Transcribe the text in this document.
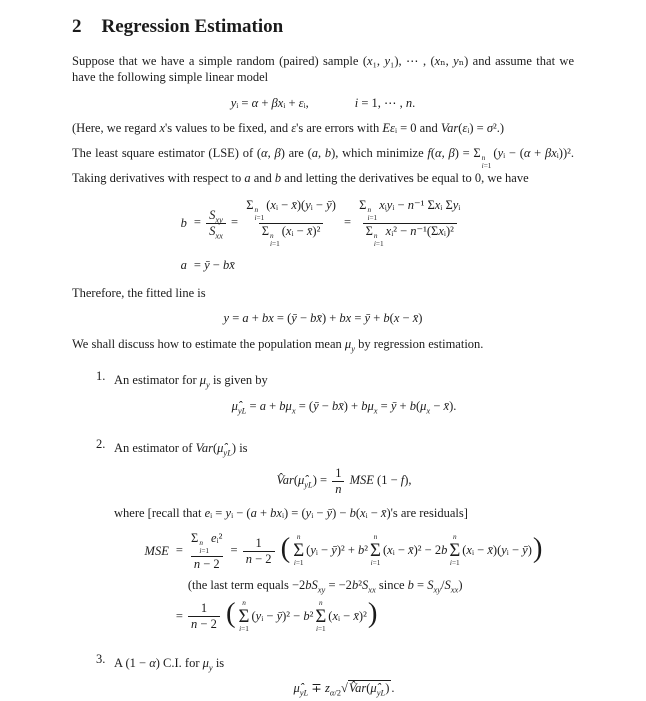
2 Regression Estimation

Suppose that we have a simple random (paired) sample (x₁, y₁), ⋯ , (xₙ, yₙ) and assume that we have the following simple linear model

yᵢ = α + βxᵢ + εᵢ,	i = 1, ⋯ , n.

(Here, we regard x's values to be fixed, and ε's are errors with Eεᵢ = 0 and Var(εᵢ) = σ².)

The least square estimator (LSE) of (α, β) are (a, b), which minimize f(α, β) = Σ n
i=1
(yᵢ − (α + βxᵢ))². Taking derivatives with respect to a and b and letting the derivatives be equal to 0, we have

b =
$S_{xy}$
$S_{xx}$
=
Σ n
i=1
(xᵢ − x̄)(yᵢ − ȳ)
Σ n
i=1
(xᵢ − x̄)²
=
Σ n
i=1
xᵢyᵢ − n⁻¹ Σxᵢ Σyᵢ
Σ n
i=1
xᵢ² − n⁻¹(Σxᵢ)²
a = ȳ − bx̄

Therefore, the fitted line is

y = a + bx = (ȳ − bx̄) + bx = ȳ + b(x − x̄)

We shall discuss how to estimate the population mean $\mu_y$ by regression estimation.

1. An estimator for $\mu_y$ is given by

$\mû_{yL} = a + b\mu_x$ = (ȳ − bx̄) + $b\mu_x$ = ȳ + $b(\mu_x$ − x̄).
2. An estimator of $Var(\mû_{yL})$ is

$V̂ar(\mû_{yL}) = \frac{1}{n}$ MSE (1 − f),

where [recall that eᵢ = yᵢ − (a + bxᵢ) = (yᵢ − ȳ) − b(xᵢ − x̄)'s are residuals]

MSE =
Σ n
i=1
eᵢ²
n − 2
= $\frac{1}{n - 2}$ ( n
Σ
i=1
(yᵢ − ȳ)² + b²
n
Σ
i=1
(xᵢ − x̄)² − 2b
n
Σ
i=1
(xᵢ − x̄)(yᵢ − ȳ))
(the last term equals $-2bS_{xy} = -2b^2S_{xx}$ since $b = S_{xy}/S_{xx}$)
= $\frac{1}{n - 2}$ ( n
Σ
i=1
(yᵢ − ȳ)² − b²
n
Σ
i=1
(xᵢ − x̄)²)
3. A (1 − α) C.I. for $\mu_y$ is

$\mû_{yL}$ ∓ $z_{\alpha/2}√V̂ar(\mû_{yL})$ .
